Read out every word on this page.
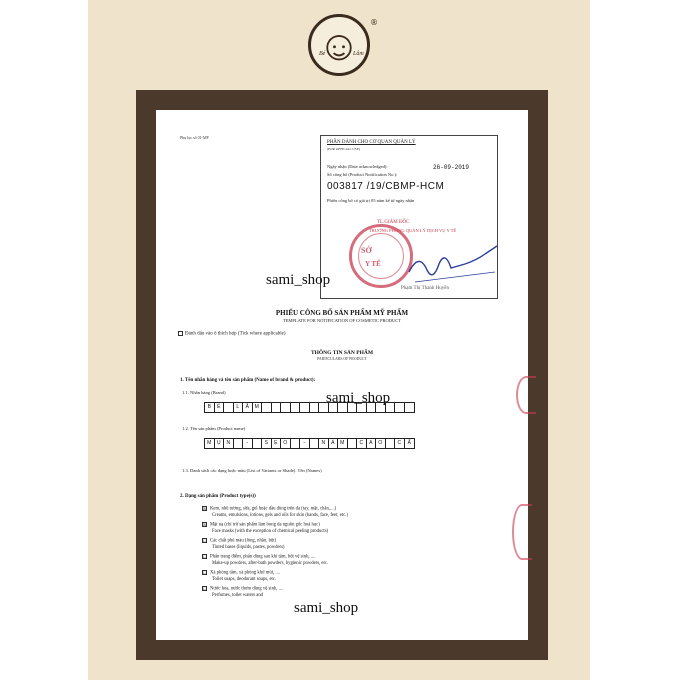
Bé	Lâm
®
Phụ lục số 01-MP
PHẦN DÀNH CHO CƠ QUAN QUẢN LÝ
(FOR OFFICIAL USE)
Ngày nhận (Date acknowledged):	26-09-2019
Số công bố (Product Notification No.):
003817 /19/CBMP-HCM
Phiếu công bố có giá trị 05 năm kể từ ngày nhận
TL.GIÁM ĐỐC
TRƯỞNG PHÒNG QUẢN LÝ DỊCH VỤ Y TẾ
SỞ
Y TẾ
Phạm Thị Thanh Huyền
sami_shop
PHIẾU CÔNG BỐ SẢN PHẨM MỸ PHẨM
TEMPLATE FOR NOTIFICATION OF COSMETIC PRODUCT
Đánh dấu vào ô thích hợp (Tick where applicable)
THÔNG TIN SẢN PHẨM
PARTICULARS OF PRODUCT
1. Tên nhãn hàng và tên sản phẩm (Name of brand & product):
1.1. Nhãn hàng (Brand)	sami_shop
B	É	L	Â	M
1.2. Tên sản phẩm (Product name)
M	Ụ	N	-	S	Ẹ	O	-	N	Á	M	C	A	O	C	Ấ
1.3. Danh sách các dạng hoặc màu (List of Variants or Shade). Tên (Names)
2. Dạng sản phẩm (Product type(s))
☒ Kem, nhũ tương, sữa, gel hoặc dầu dùng trên da (tay, mặt, chân,....)
Creams, emulsions, lotions, gels and oils for skin (hands, face, feet, etc.)
☒ Mặt nạ (chỉ trừ sản phẩm làm bong da nguồn gốc hoá học)
Face masks (with the exception of chemical peeling products)
☐ Các chất phủ màu (lỏng, nhão, bột)
Tinted bases (liquids, pastes, powders)
☐ Phấn trang điểm, phấn dùng sau khi tắm, bột vệ sinh, ....
Make-up powders, after-bath powders, hygienic powders, etc.
☐ Xà phòng tắm, xà phòng khử mùi, ....
Toilet soaps, deodorant soaps, etc.
☐ Nước hoa, nước thơm dùng vệ sinh, ....
Perfumes, toilet waters and
sami_shop
